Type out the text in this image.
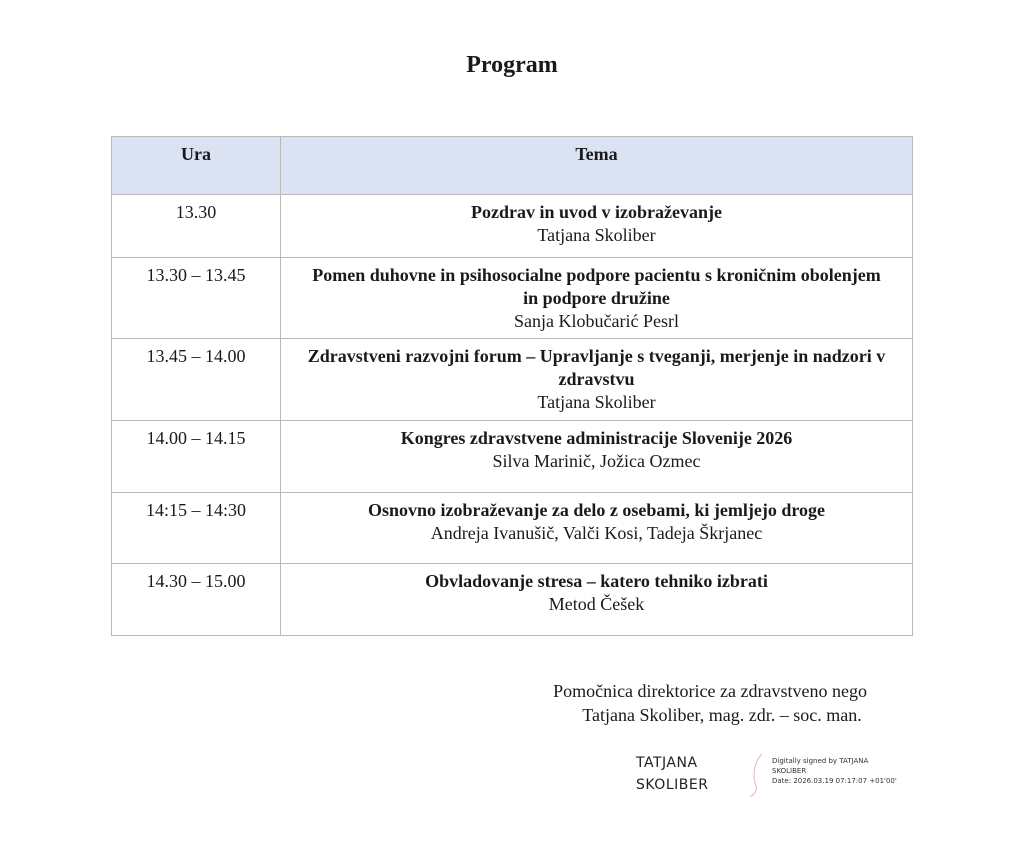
Program
Ura	Tema
13.30	Pozdrav in uvod v izobraževanje
Tatjana Skoliber

13.30 – 13.45	Pomen duhovne in psihosocialne podpore pacientu s kroničnim obolenjem in podpore družine
Sanja Klobučarić Pesrl

13.45 – 14.00	Zdravstveni razvojni forum – Upravljanje s tveganji, merjenje in nadzori v zdravstvu
Tatjana Skoliber

14.00 – 14.15	Kongres zdravstvene administracije Slovenije 2026
Silva Marinič, Jožica Ozmec

14:15 – 14:30	Osnovno izobraževanje za delo z osebami, ki jemljejo droge
Andreja Ivanušič, Valči Kosi, Tadeja Škrjanec

14.30 – 15.00	Obvladovanje stresa – katero tehniko izbrati
Metod Češek
Pomočnica direktorice za zdravstveno nego
Tatjana Skoliber, mag. zdr. – soc. man.
TATJANA
SKOLIBER
Digitally signed by TATJANA
SKOLIBER
Date: 2026.03.19 07:17:07 +01'00'
